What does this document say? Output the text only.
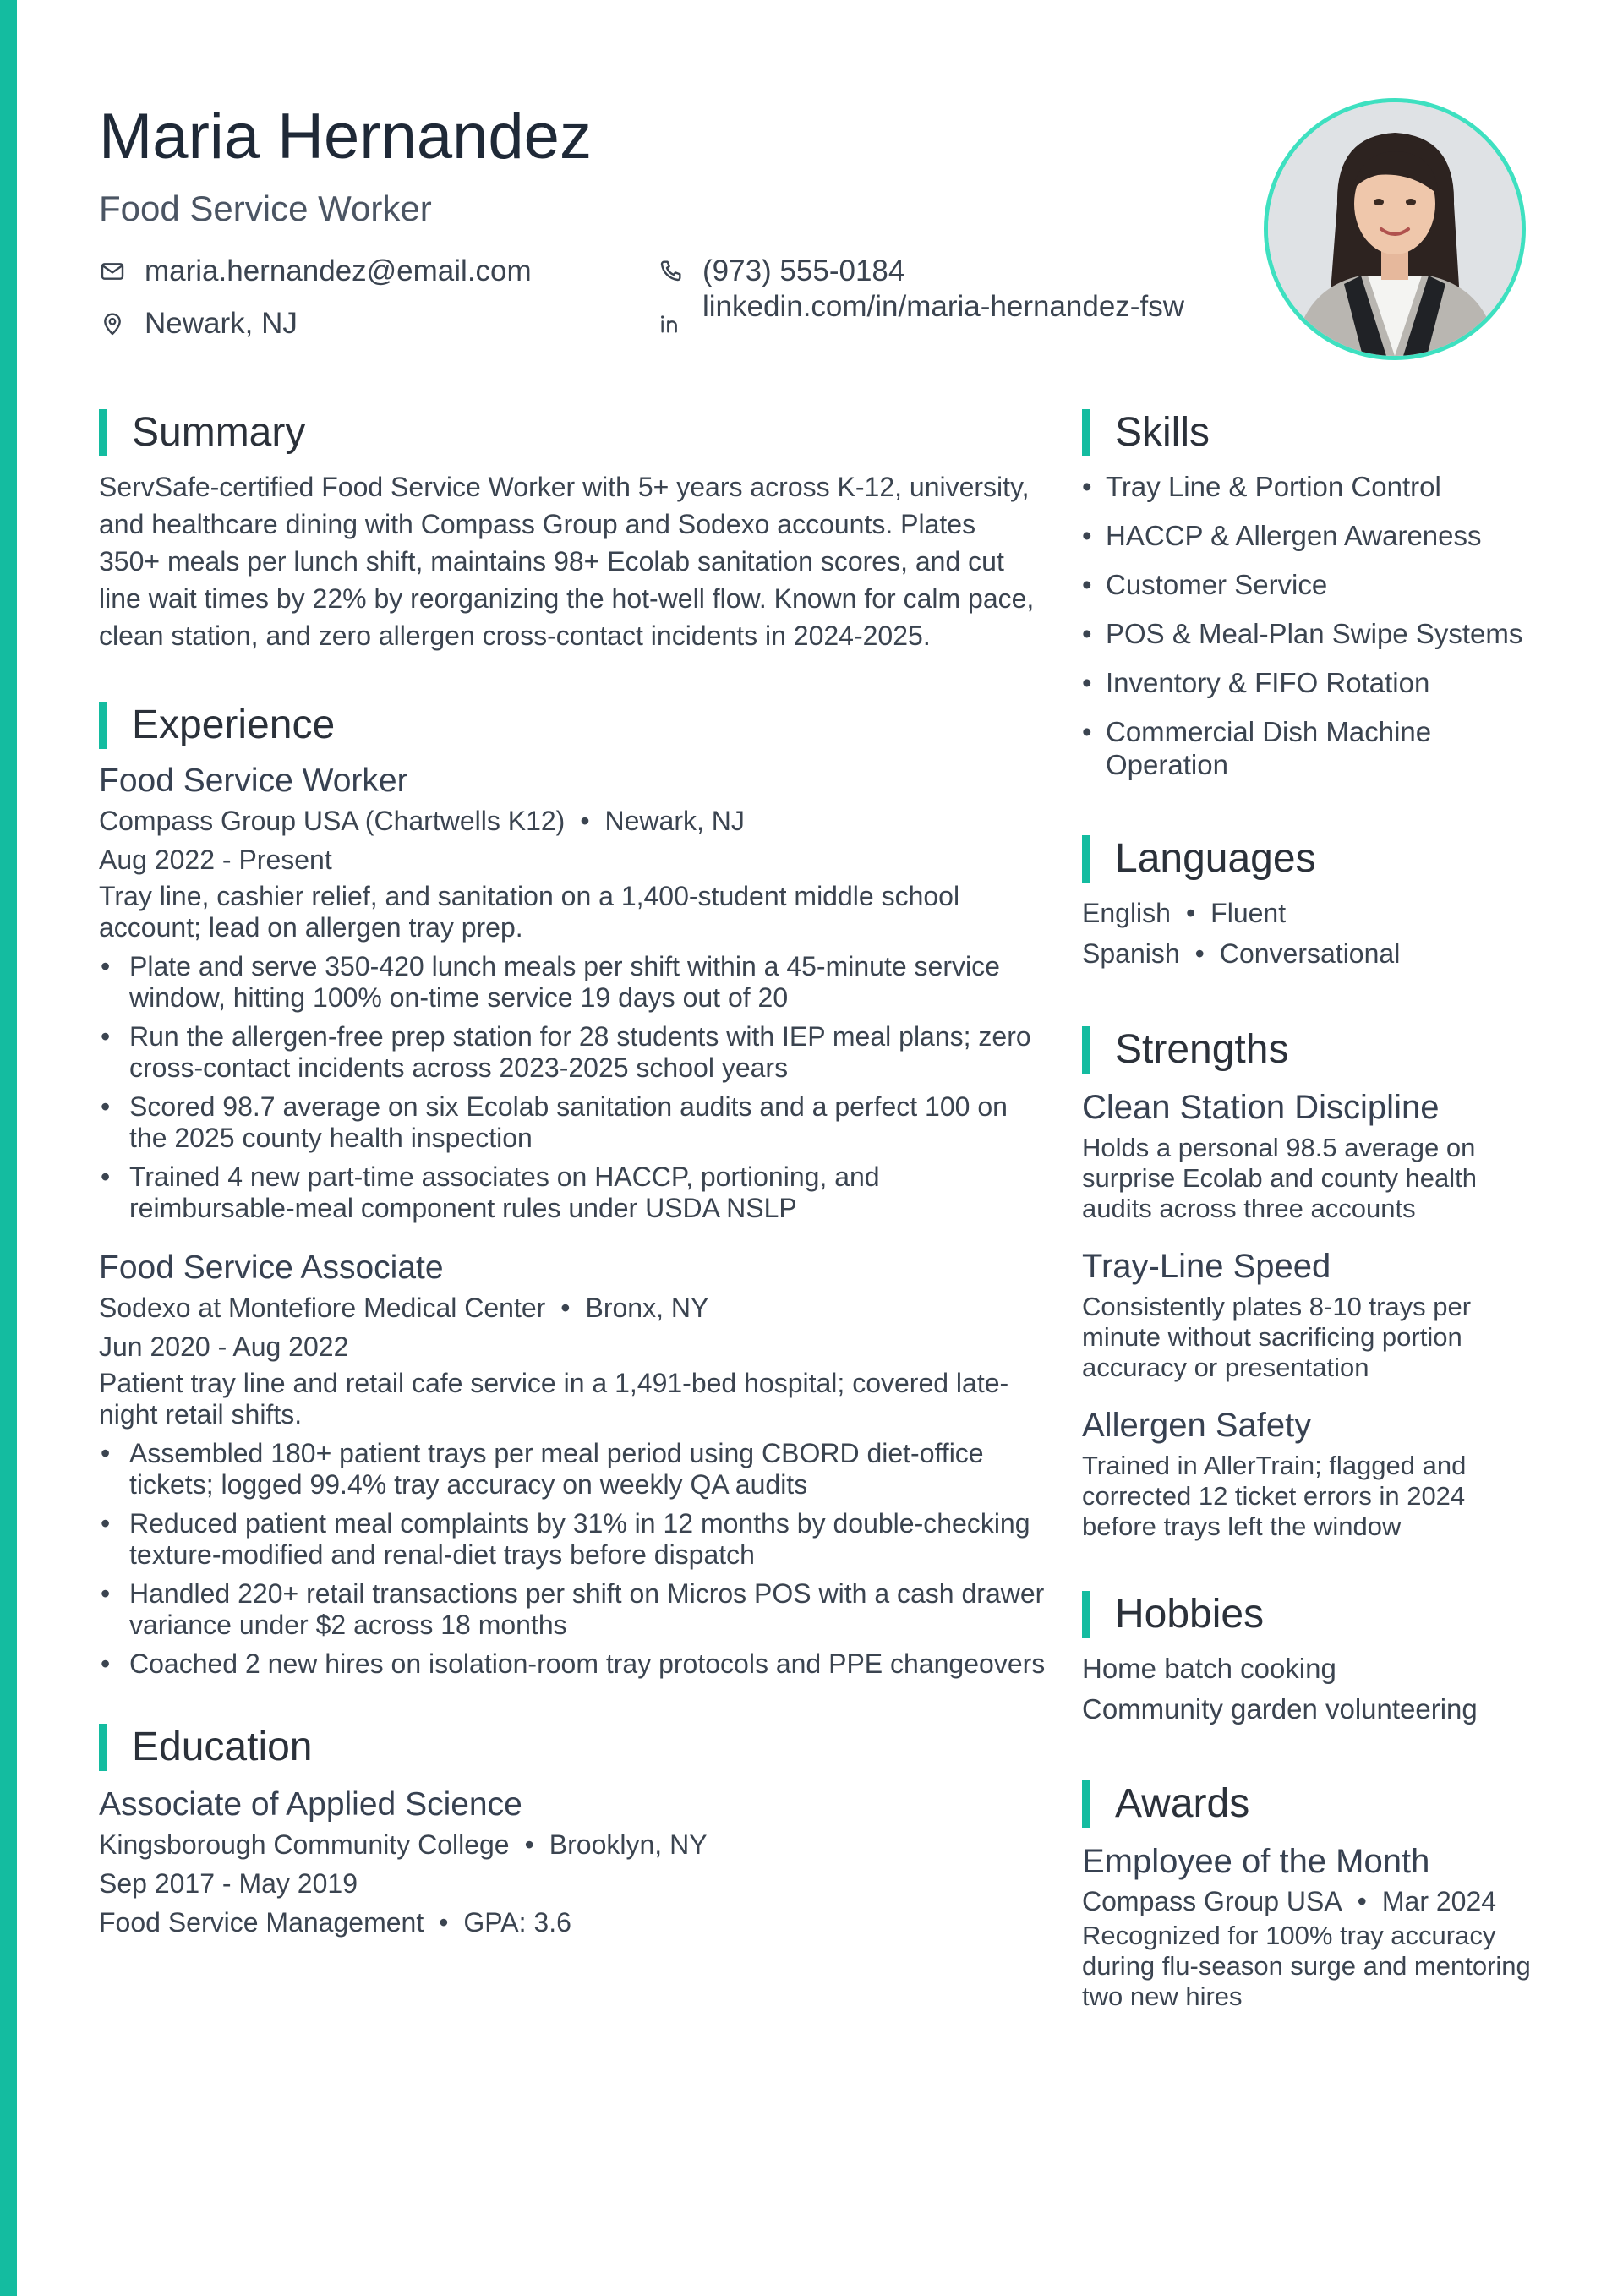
Maria Hernandez
Food Service Worker
maria.hernandez@email.com	(973) 555-0184
Newark, NJ
linkedin.com/in/maria-hernandez-fsw
Summary
ServSafe-certified Food Service Worker with 5+ years across K-12, university, and healthcare dining with Compass Group and Sodexo accounts. Plates 350+ meals per lunch shift, maintains 98+ Ecolab sanitation scores, and cut line wait times by 22% by reorganizing the hot-well flow. Known for calm pace, clean station, and zero allergen cross-contact incidents in 2024-2025.
Experience
Food Service Worker
Compass Group USA (Chartwells K12) • Newark, NJ
Aug 2022 - Present
Tray line, cashier relief, and sanitation on a 1,400-student middle school account; lead on allergen tray prep.
• Plate and serve 350-420 lunch meals per shift within a 45-minute service window, hitting 100% on-time service 19 days out of 20
• Run the allergen-free prep station for 28 students with IEP meal plans; zero cross-contact incidents across 2023-2025 school years
• Scored 98.7 average on six Ecolab sanitation audits and a perfect 100 on the 2025 county health inspection
• Trained 4 new part-time associates on HACCP, portioning, and reimbursable-meal component rules under USDA NSLP
Food Service Associate
Sodexo at Montefiore Medical Center • Bronx, NY
Jun 2020 - Aug 2022
Patient tray line and retail cafe service in a 1,491-bed hospital; covered late-night retail shifts.
• Assembled 180+ patient trays per meal period using CBORD diet-office tickets; logged 99.4% tray accuracy on weekly QA audits
• Reduced patient meal complaints by 31% in 12 months by double-checking texture-modified and renal-diet trays before dispatch
• Handled 220+ retail transactions per shift on Micros POS with a cash drawer variance under $2 across 18 months
• Coached 2 new hires on isolation-room tray protocols and PPE changeovers
Education
Associate of Applied Science
Kingsborough Community College • Brooklyn, NY
Sep 2017 - May 2019
Food Service Management • GPA: 3.6
Skills
• Tray Line & Portion Control
• HACCP & Allergen Awareness
• Customer Service
• POS & Meal-Plan Swipe Systems
• Inventory & FIFO Rotation
• Commercial Dish Machine Operation
Languages
English • Fluent
Spanish • Conversational
Strengths
Clean Station Discipline
Holds a personal 98.5 average on surprise Ecolab and county health audits across three accounts
Tray-Line Speed
Consistently plates 8-10 trays per minute without sacrificing portion accuracy or presentation
Allergen Safety
Trained in AllerTrain; flagged and corrected 12 ticket errors in 2024 before trays left the window
Hobbies
Home batch cooking
Community garden volunteering
Awards
Employee of the Month
Compass Group USA • Mar 2024
Recognized for 100% tray accuracy during flu-season surge and mentoring two new hires
